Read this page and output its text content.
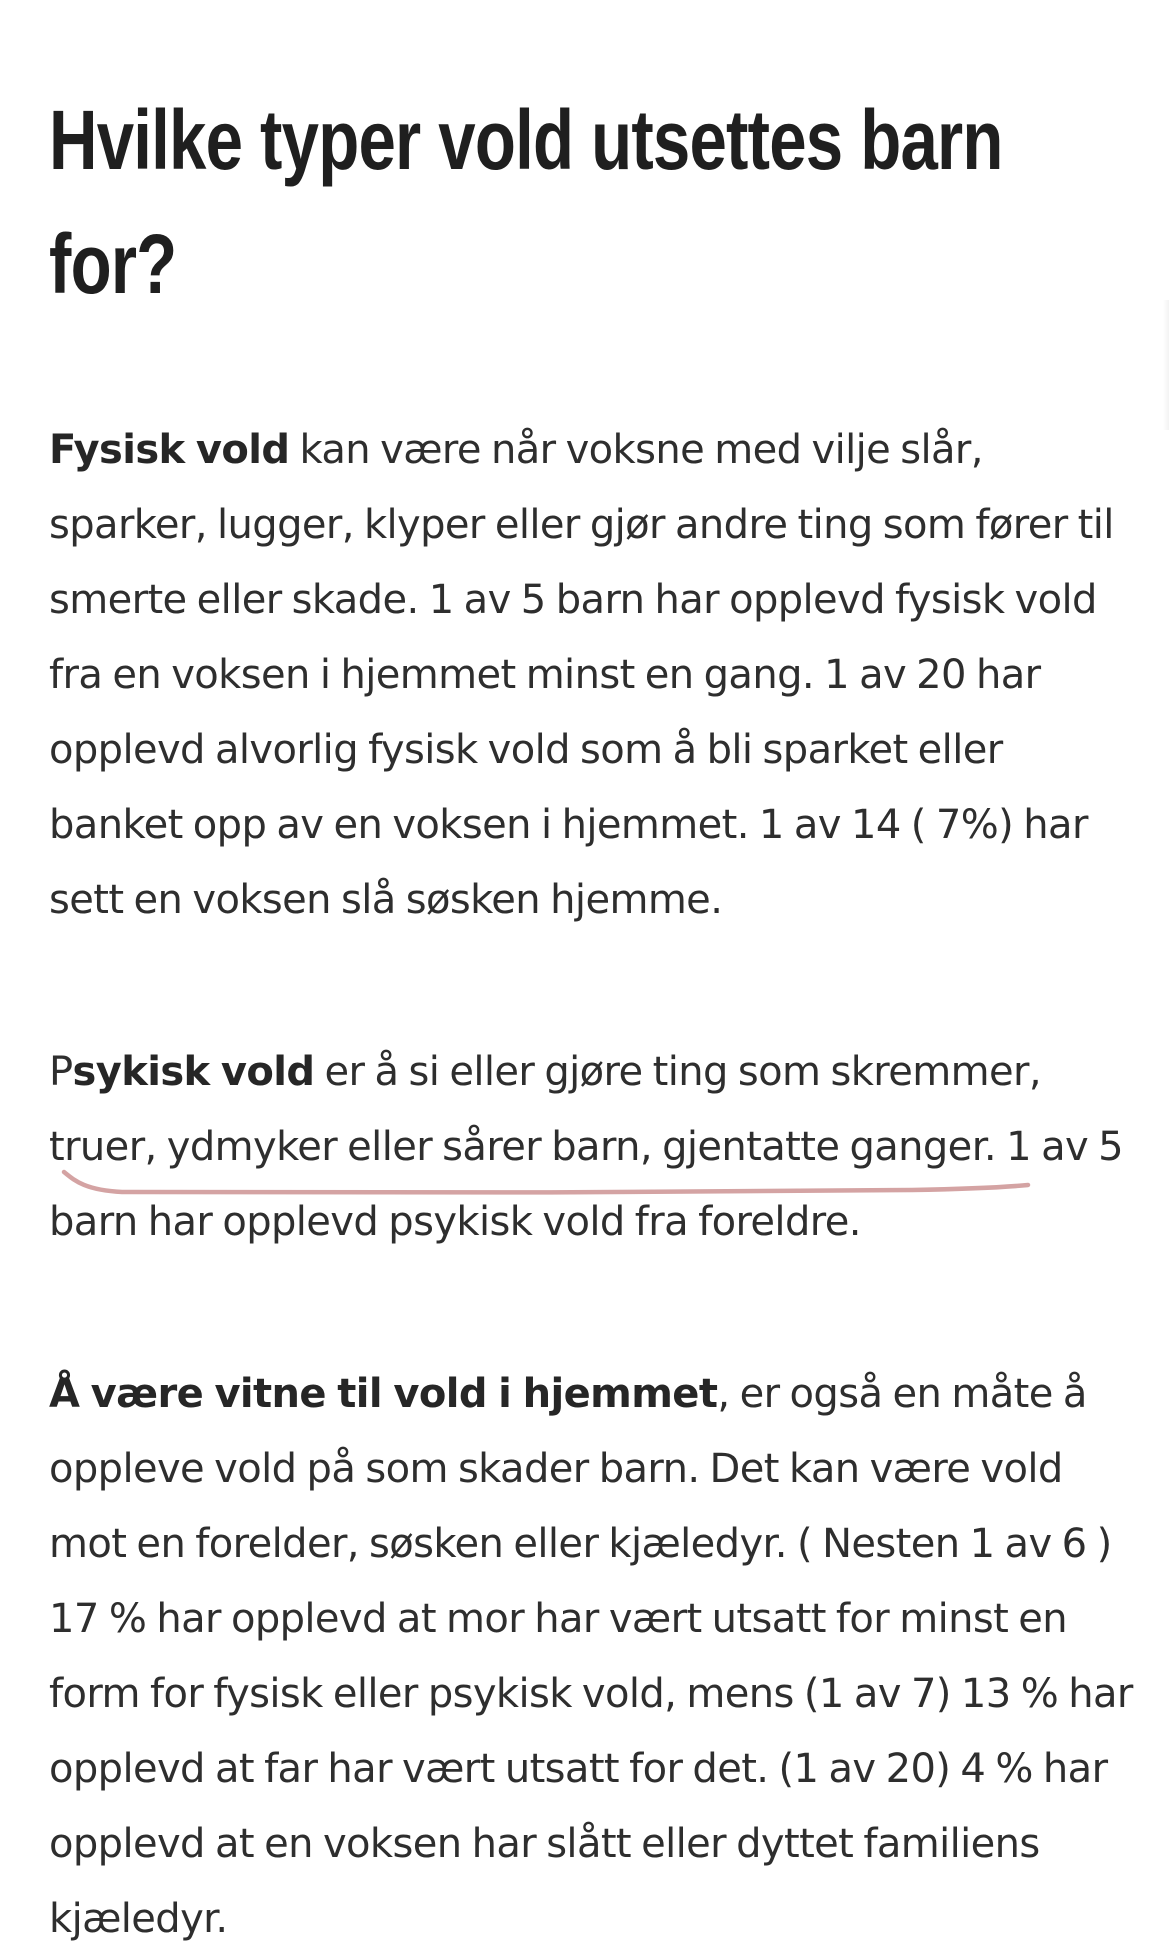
Hvilke typer vold utsettes barn
for?

Fysisk vold kan være når voksne med vilje slår, sparker, lugger, klyper eller gjør andre ting som fører til smerte eller skade. 1 av 5 barn har opplevd fysisk vold fra en voksen i hjemmet minst en gang. 1 av 20 har opplevd alvorlig fysisk vold som å bli sparket eller banket opp av en voksen i hjemmet. 1 av 14 ( 7%) har sett en voksen slå søsken hjemme.

Psykisk vold er å si eller gjøre ting som skremmer, truer, ydmyker eller sårer barn, gjentatte ganger. 1 av 5 barn har opplevd psykisk vold fra foreldre.

Å være vitne til vold i hjemmet, er også en måte å oppleve vold på som skader barn. Det kan være vold mot en forelder, søsken eller kjæledyr. ( Nesten 1 av 6 ) 17 % har opplevd at mor har vært utsatt for minst en form for fysisk eller psykisk vold, mens (1 av 7) 13 % har opplevd at far har vært utsatt for det. (1 av 20) 4 % har opplevd at en voksen har slått eller dyttet familiens kjæledyr.
